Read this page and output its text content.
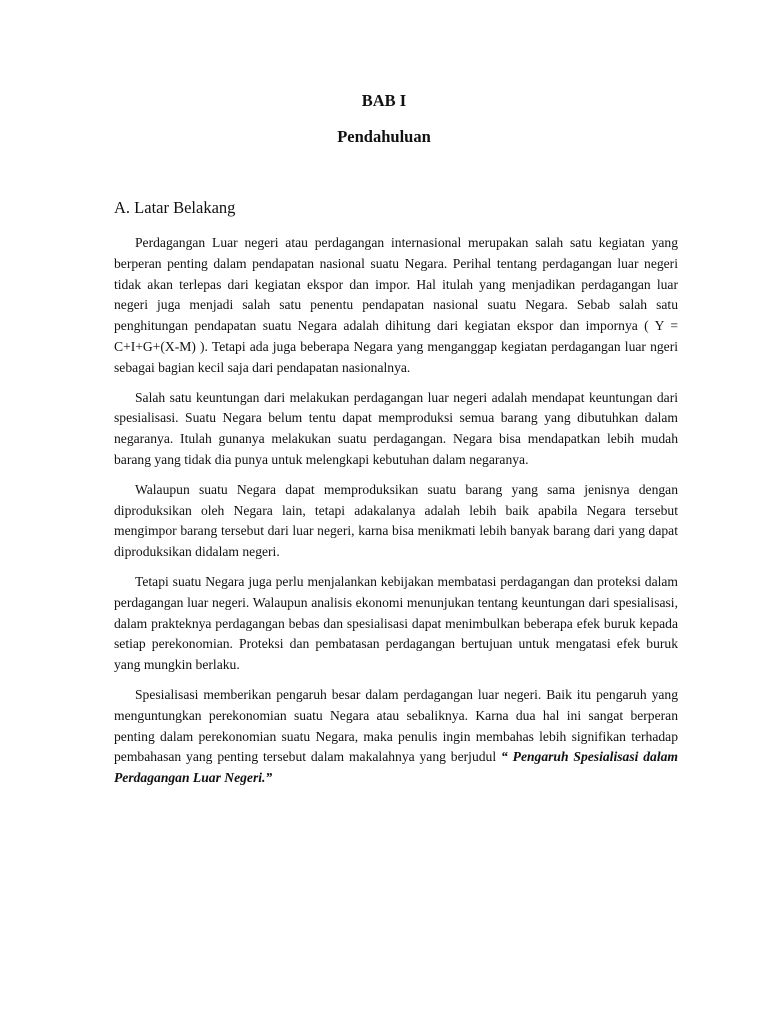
BAB I
Pendahuluan
A. Latar Belakang

Perdagangan Luar negeri atau perdagangan internasional merupakan salah satu kegiatan yang berperan penting dalam pendapatan nasional suatu Negara. Perihal tentang perdagangan luar negeri tidak akan terlepas dari kegiatan ekspor dan impor. Hal itulah yang menjadikan perdagangan luar negeri juga menjadi salah satu penentu pendapatan nasional suatu Negara. Sebab salah satu penghitungan pendapatan suatu Negara adalah dihitung dari kegiatan ekspor dan impornya ( Y = C+I+G+(X-M) ). Tetapi ada juga beberapa Negara yang menganggap kegiatan perdagangan luar ngeri sebagai bagian kecil saja dari pendapatan nasionalnya.

Salah satu keuntungan dari melakukan perdagangan luar negeri adalah mendapat keuntungan dari spesialisasi. Suatu Negara belum tentu dapat memproduksi semua barang yang dibutuhkan dalam negaranya. Itulah gunanya melakukan suatu perdagangan. Negara bisa mendapatkan lebih mudah barang yang tidak dia punya untuk melengkapi kebutuhan dalam negaranya.

Walaupun suatu Negara dapat memproduksikan suatu barang yang sama jenisnya dengan diproduksikan oleh Negara lain, tetapi adakalanya adalah lebih baik apabila Negara tersebut mengimpor barang tersebut dari luar negeri, karna bisa menikmati lebih banyak barang dari yang dapat diproduksikan didalam negeri.

Tetapi suatu Negara juga perlu menjalankan kebijakan membatasi perdagangan dan proteksi dalam perdagangan luar negeri. Walaupun analisis ekonomi menunjukan tentang keuntungan dari spesialisasi, dalam prakteknya perdagangan bebas dan spesialisasi dapat menimbulkan beberapa efek buruk kepada setiap perekonomian. Proteksi dan pembatasan perdagangan bertujuan untuk mengatasi efek buruk yang mungkin berlaku.

Spesialisasi memberikan pengaruh besar dalam perdagangan luar negeri. Baik itu pengaruh yang menguntungkan perekonomian suatu Negara atau sebaliknya. Karna dua hal ini sangat berperan penting dalam perekonomian suatu Negara, maka penulis ingin membahas lebih signifikan terhadap pembahasan yang penting tersebut dalam makalahnya yang berjudul “ Pengaruh Spesialisasi dalam Perdagangan Luar Negeri.”
